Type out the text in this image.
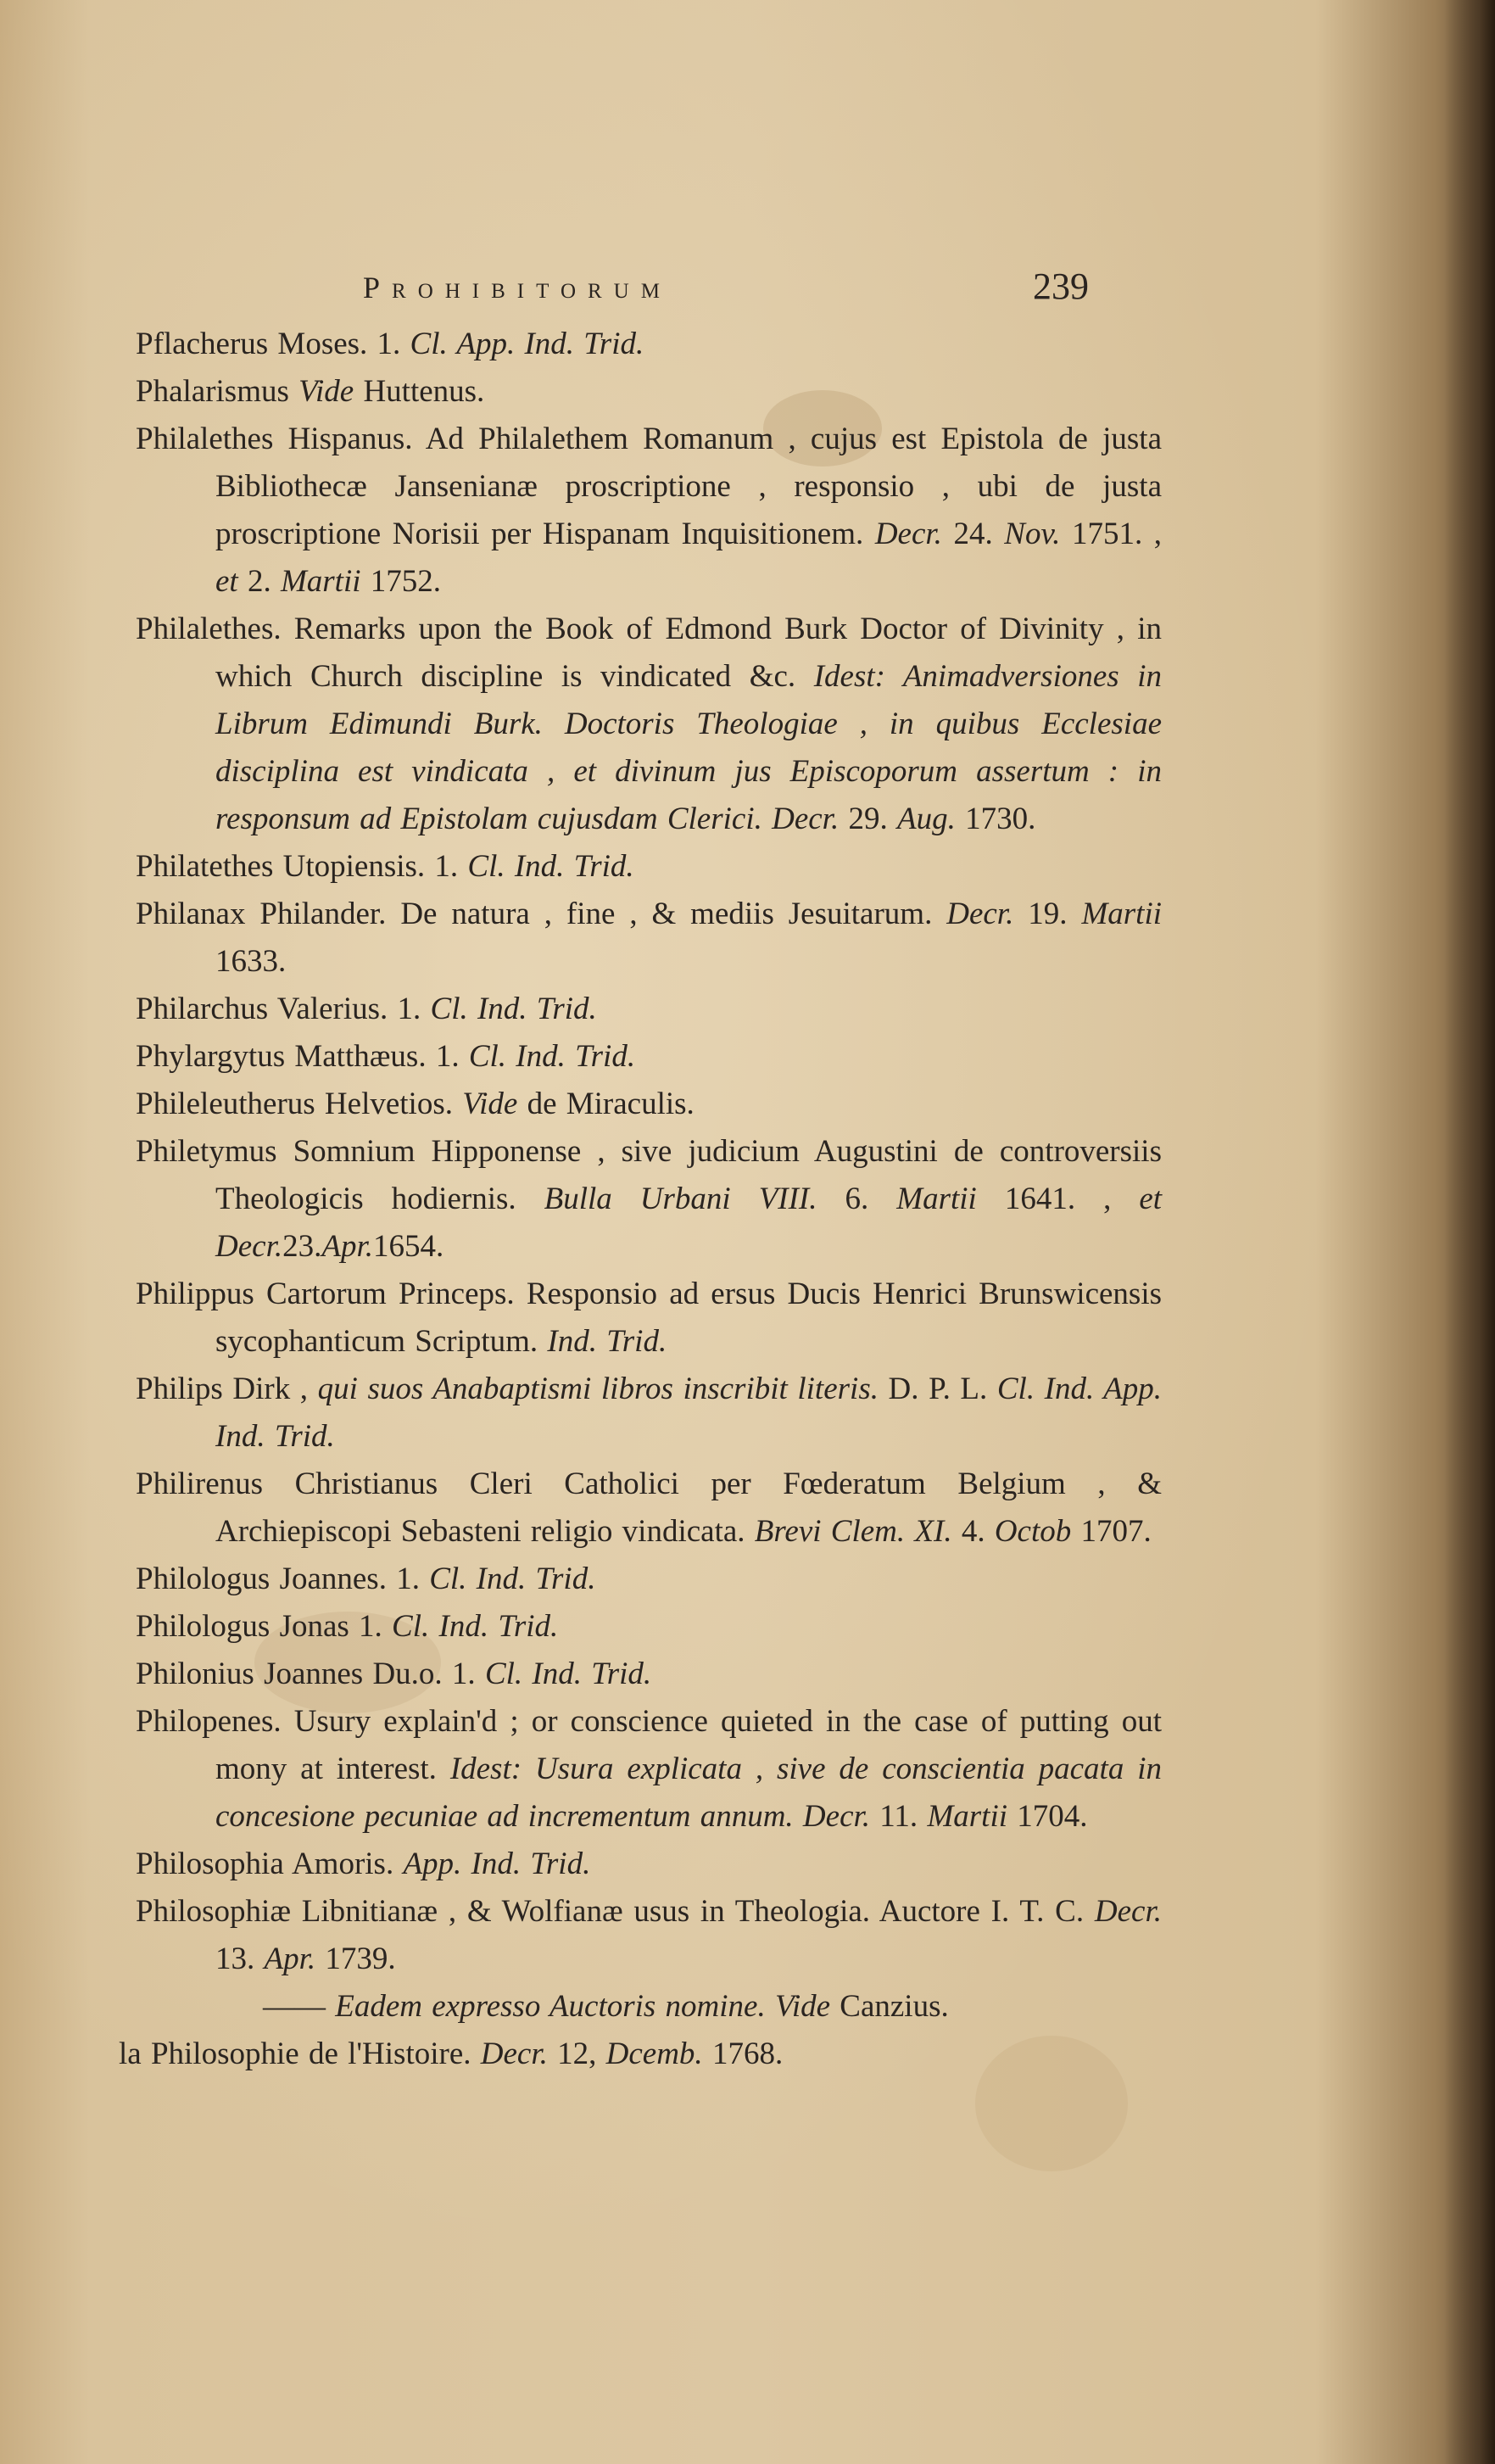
Prohibitorum	239

Pflacherus Moses. 1. Cl. App. Ind. Trid.

Phalarismus Vide Huttenus.

Philalethes Hispanus. Ad Philalethem Romanum , cujus est Epistola de justa Bibliothecæ Jansenianæ proscriptione , responsio , ubi de justa proscriptione Norisii per Hispanam Inquisitionem. Decr. 24. Nov. 1751. , et 2. Martii 1752.

Philalethes. Remarks upon the Book of Edmond Burk Doctor of Divinity , in which Church discipline is vindicated &c. Idest: Animadversiones in Librum Edimundi Burk. Doctoris Theologiae , in quibus Ecclesiae disciplina est vindicata , et divinum jus Episcoporum assertum : in responsum ad Epistolam cujusdam Clerici. Decr. 29. Aug. 1730.

Philatethes Utopiensis. 1. Cl. Ind. Trid.

Philanax Philander. De natura , fine , & mediis Jesuitarum. Decr. 19. Martii 1633.

Philarchus Valerius. 1. Cl. Ind. Trid.

Phylargytus Matthæus. 1. Cl. Ind. Trid.

Phileleutherus Helvetios. Vide de Miraculis.

Philetymus Somnium Hipponense , sive judicium Augustini de controversiis Theologicis hodiernis. Bulla Urbani VIII. 6. Martii 1641. , et Decr.23.Apr.1654.

Philippus Cartorum Princeps. Responsio ad ersus Ducis Henrici Brunswicensis sycophanticum Scriptum. Ind. Trid.

Philips Dirk , qui suos Anabaptismi libros inscribit literis. D. P. L. Cl. Ind. App. Ind. Trid.

Philirenus Christianus Cleri Catholici per Fœderatum Belgium , & Archiepiscopi Sebasteni religio vindicata. Brevi Clem. XI. 4. Octob 1707.

Philologus Joannes. 1. Cl. Ind. Trid.

Philologus Jonas 1. Cl. Ind. Trid.

Philonius Joannes Du.o. 1. Cl. Ind. Trid.

Philopenes. Usury explain'd ; or conscience quieted in the case of putting out mony at interest. Idest: Usura explicata , sive de conscientia pacata in concesione pecuniae ad incrementum annum. Decr. 11. Martii 1704.

Philosophia Amoris. App. Ind. Trid.

Philosophiæ Libnitianæ , & Wolfianæ usus in Theologia. Auctore I. T. C. Decr. 13. Apr. 1739.

—— Eadem expresso Auctoris nomine. Vide Canzius.

la Philosophie de l'Histoire. Decr. 12, Dcemb. 1768.
